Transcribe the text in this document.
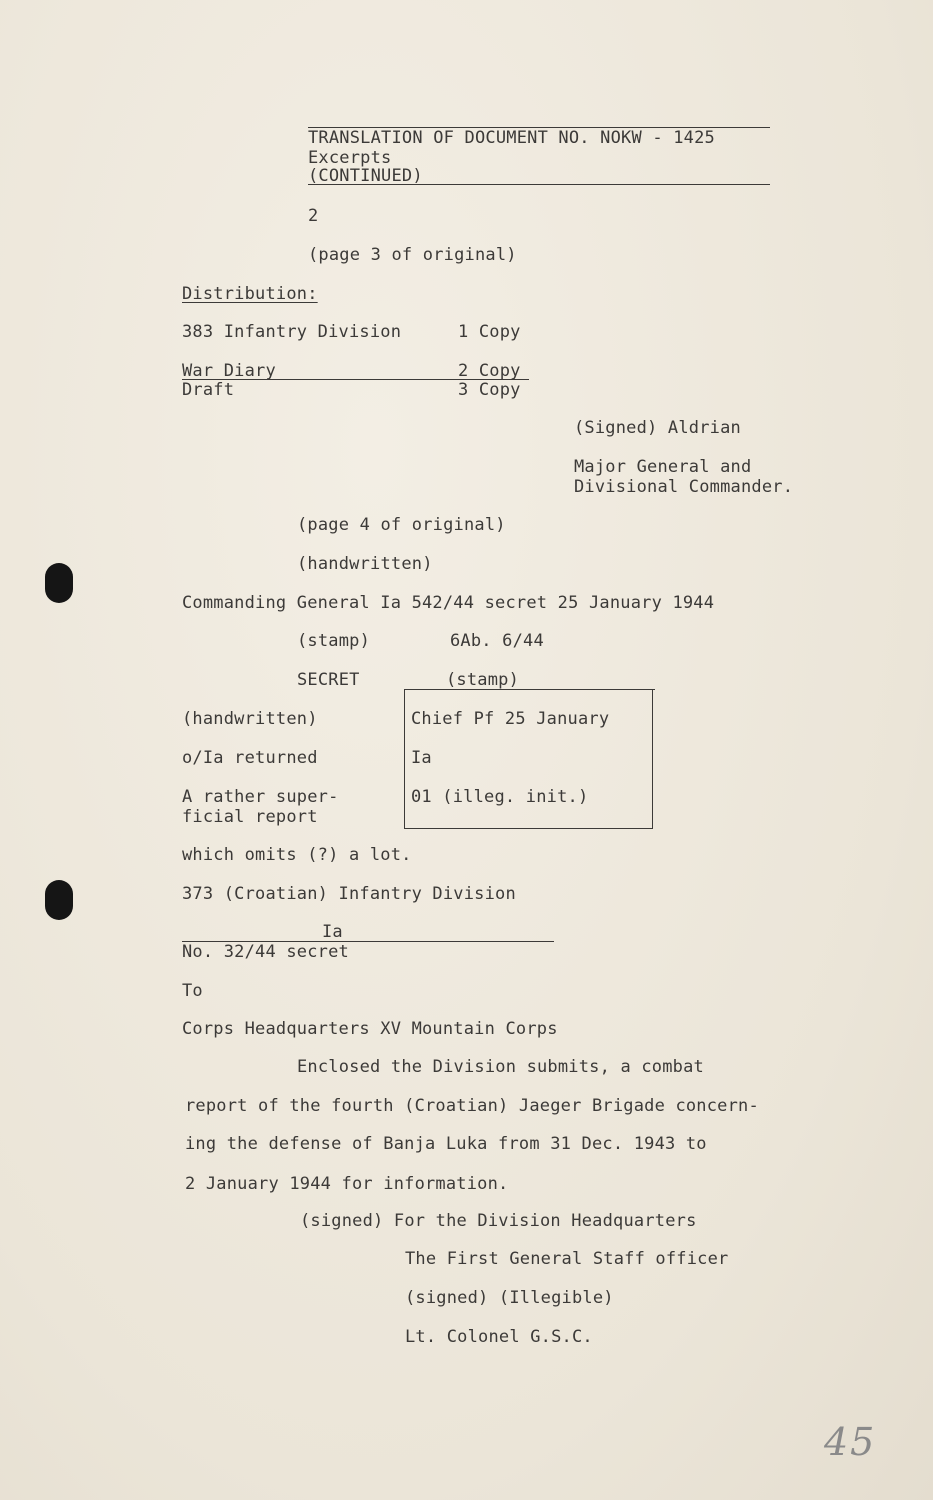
TRANSLATION OF DOCUMENT NO. NOKW - 1425
Excerpts
(CONTINUED)
2
(page 3 of original)
Distribution:
383 Infantry Division	1 Copy
War Diary	2 Copy
Draft	3 Copy
(Signed) Aldrian
Major General and
Divisional Commander.
(page 4 of original)
(handwritten)
Commanding General Ia 542/44 secret 25 January 1944
(stamp)	6Ab. 6/44
SECRET	(stamp)
Chief Pf 25 January
Ia
01 (illeg. init.)
(handwritten)
o/Ia returned
A rather super-
ficial report
which omits (?) a lot.
373 (Croatian) Infantry Division
Ia
No. 32/44 secret
To
Corps Headquarters XV Mountain Corps
Enclosed the Division submits, a combat
report of the fourth (Croatian) Jaeger Brigade concern-
ing the defense of Banja Luka from 31 Dec. 1943 to
2 January 1944 for information.
(signed) For the Division Headquarters
The First General Staff officer
(signed) (Illegible)
Lt. Colonel G.S.C.
45
